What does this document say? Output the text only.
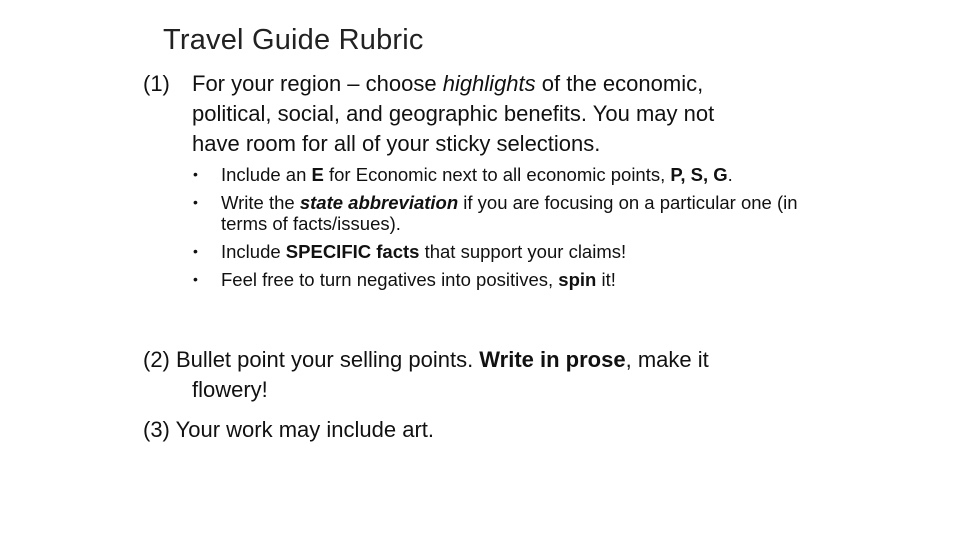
Travel Guide Rubric
(1) For your region – choose highlights of the economic,
political, social, and geographic benefits. You may not
have room for all of your sticky selections.
• Include an E for Economic next to all economic points, P, S, G.
• Write the state abbreviation if you are focusing on a particular one (in terms of facts/issues).
• Include SPECIFIC facts that support your claims!
• Feel free to turn negatives into positives, spin it!
(2) Bullet point your selling points. Write in prose, make it
flowery!
(3) Your work may include art.
